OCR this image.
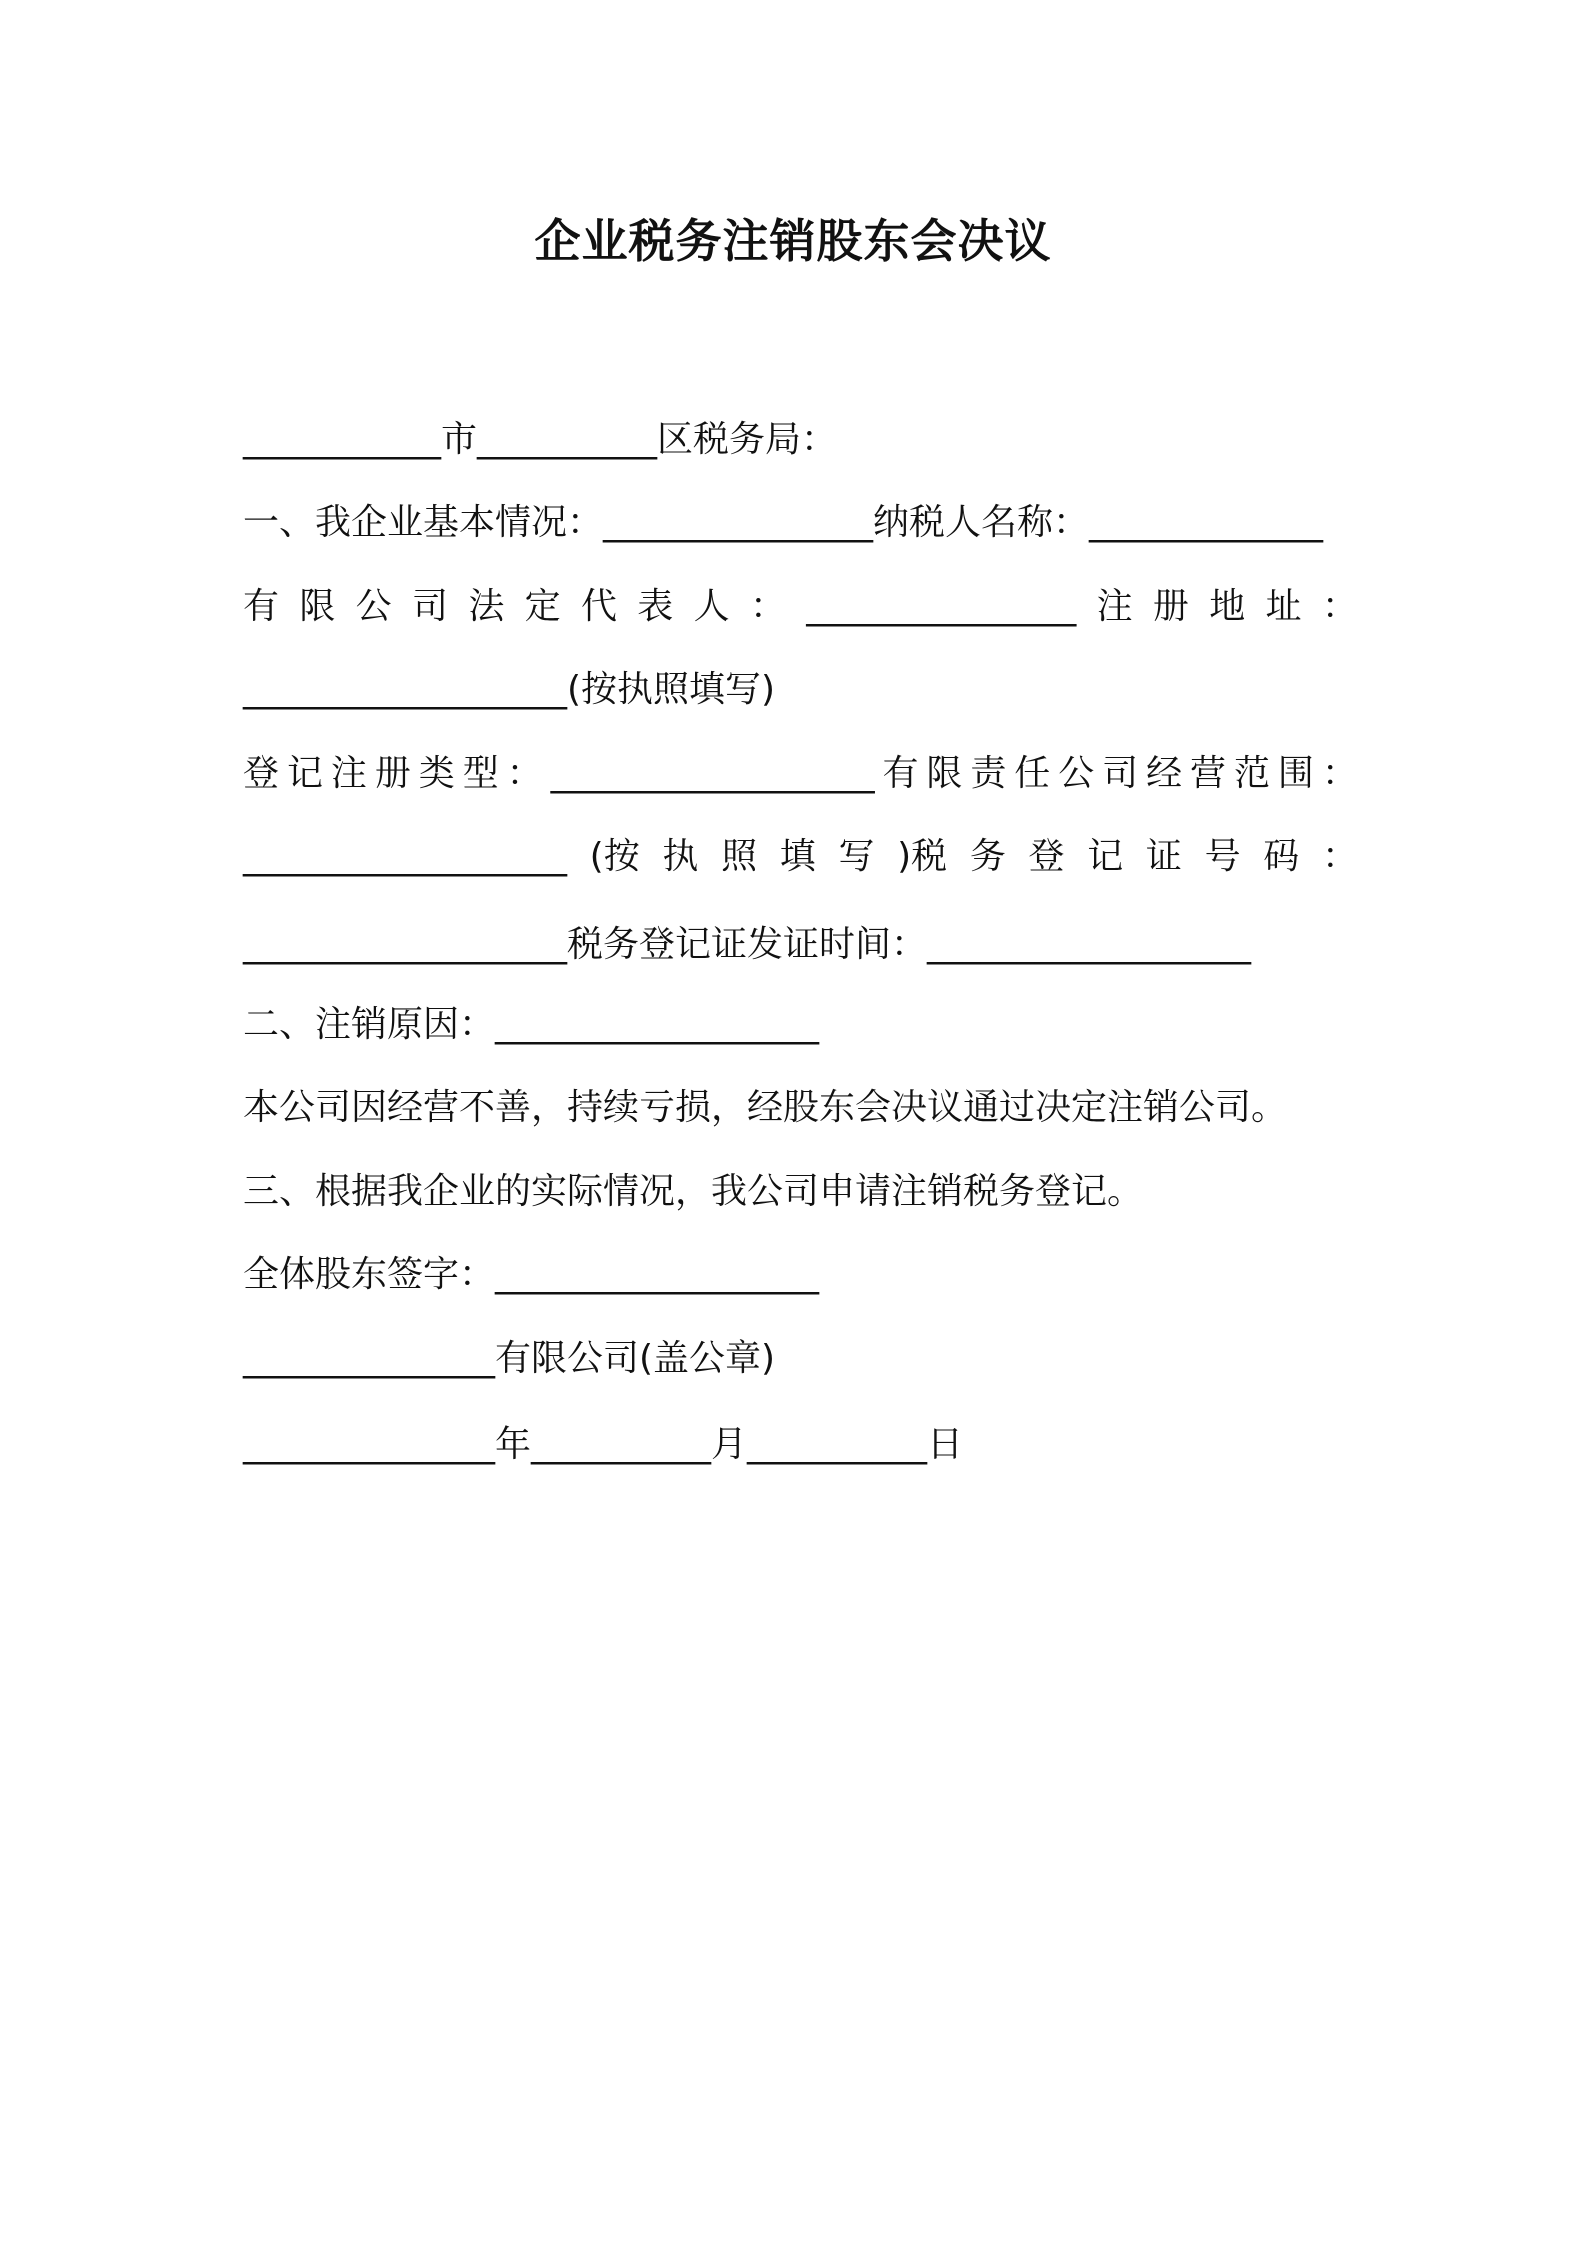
企业税务注销股东会决议
___________市__________区税务局：
一、我企业基本情况：_______________纳税人名称：_____________
有 限 公 司 法 定 代 表 人 ： _______________ 注 册 地 址 ：
__________________(按执照填写)
登 记 注 册 类 型 ： __________________ 有 限 责 任 公 司 经 营 范 围 ：
__________________ (按 执 照 填 写 )税 务 登 记 证 号 码 ：
__________________税务登记证发证时间：__________________
二、注销原因：__________________
本公司因经营不善，持续亏损，经股东会决议通过决定注销公司。
三、根据我企业的实际情况，我公司申请注销税务登记。
全体股东签字：__________________
______________有限公司(盖公章)
______________年__________月__________日
